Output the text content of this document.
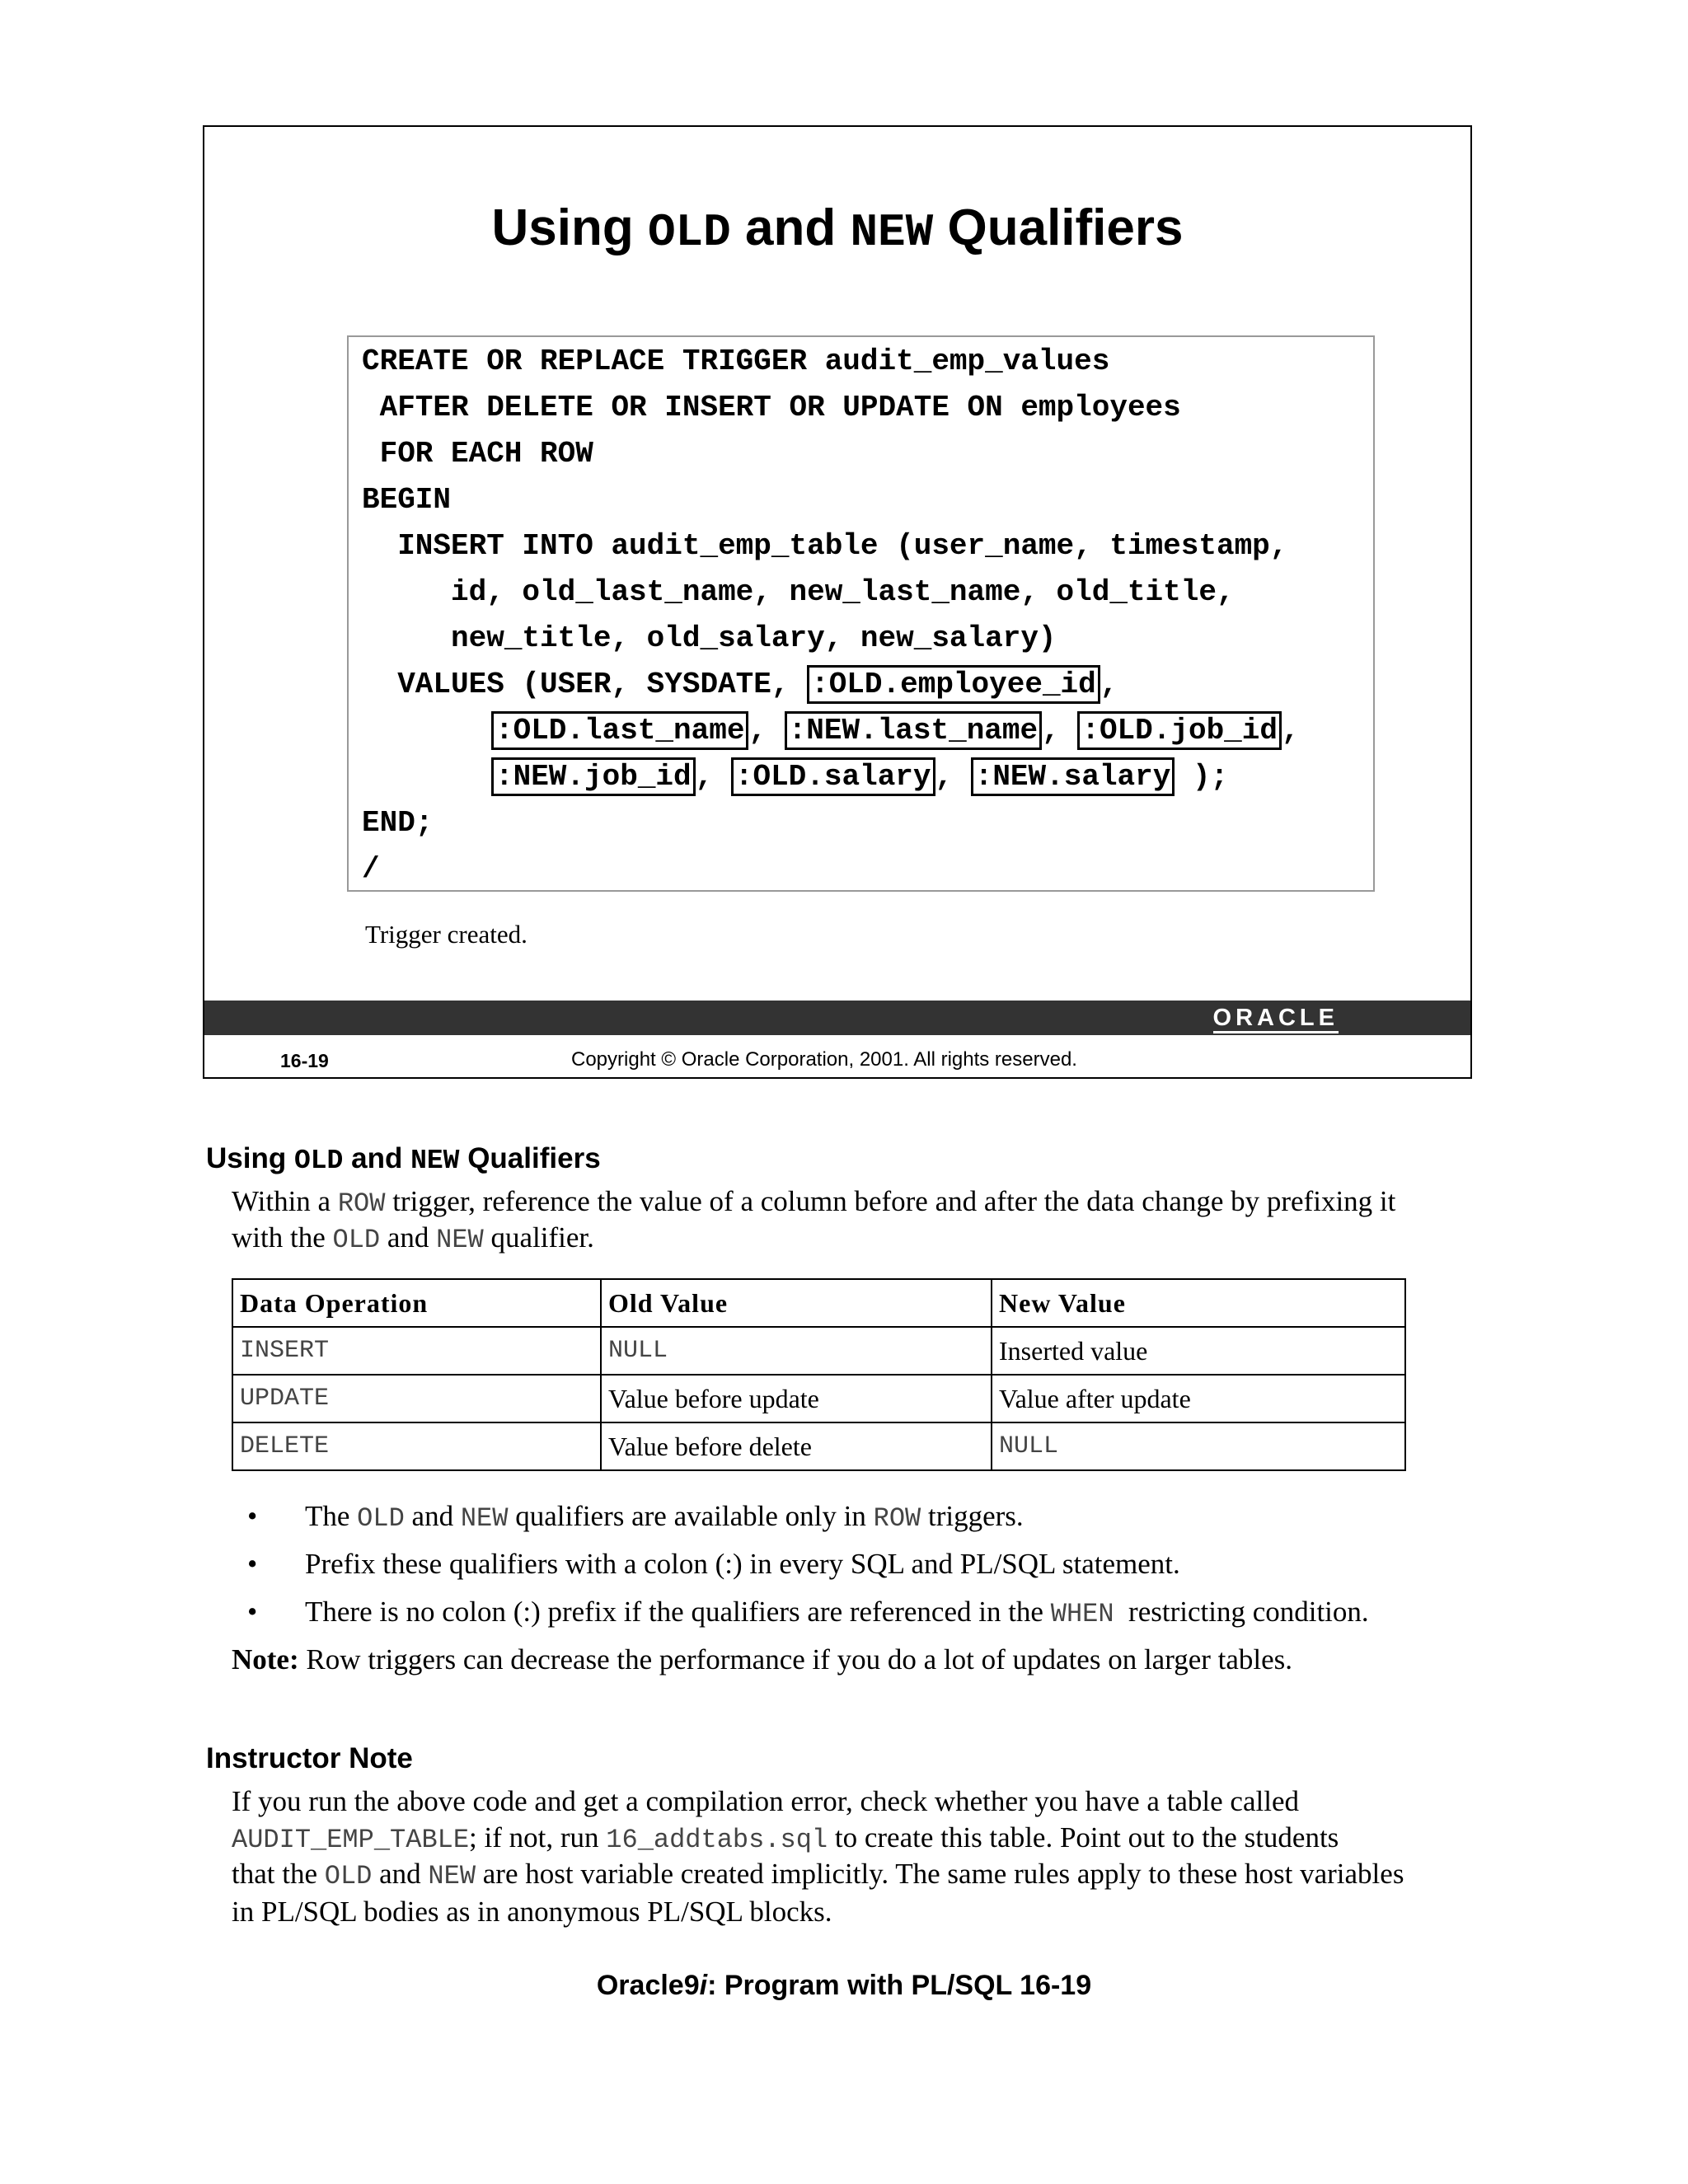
Using OLD and NEW Qualifiers
CREATE OR REPLACE TRIGGER audit_emp_values
AFTER DELETE OR INSERT OR UPDATE ON employees
FOR EACH ROW
BEGIN
INSERT INTO audit_emp_table (user_name, timestamp,
id, old_last_name, new_last_name, old_title,
new_title, old_salary, new_salary)
VALUES (USER, SYSDATE, :OLD.employee_id ,
:OLD.last_name , :NEW.last_name , :OLD.job_id ,
:NEW.job_id , :OLD.salary , :NEW.salary );
END;
/
Trigger created.
ORACLE
16-19	Copyright © Oracle Corporation, 2001. All rights reserved.
Using OLD and NEW Qualifiers
Within a ROW trigger, reference the value of a column before and after the data change by prefixing it
with the OLD and NEW qualifier.
Data Operation	Old Value	New Value
INSERT	NULL	Inserted value
UPDATE	Value before update	Value after update
DELETE	Value before delete	NULL
• The OLD and NEW qualifiers are available only in ROW triggers.
• Prefix these qualifiers with a colon (:) in every SQL and PL/SQL statement.
• There is no colon (:) prefix if the qualifiers are referenced in the WHEN  restricting condition.
Note: Row triggers can decrease the performance if you do a lot of updates on larger tables.
Instructor Note
If you run the above code and get a compilation error, check whether you have a table called
AUDIT_EMP_TABLE; if not, run 16_addtabs.sql to create this table. Point out to the students
that the OLD and NEW are host variable created implicitly. The same rules apply to these host variables
in PL/SQL bodies as in anonymous PL/SQL blocks.
Oracle9i: Program with PL/SQL 16-19
